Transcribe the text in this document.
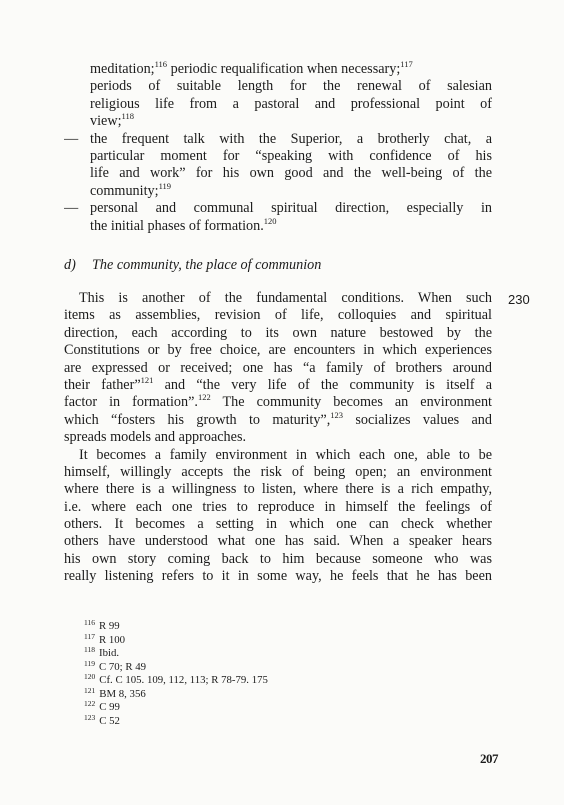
meditation;$^{116}$ periodic requalification when necessary;$^{117}$
periods of suitable length for the renewal of salesian
religious life from a pastoral and professional point of
view;$^{118}$
— the frequent talk with the Superior, a brotherly chat, a
particular moment for “speaking with confidence of his
life and work” for his own good and the well-being of the
community;$^{119}$
— personal and communal spiritual direction, especially in
the initial phases of formation.$^{120}$
d) The community, the place of communion
230
This is another of the fundamental conditions. When such
items as assemblies, revision of life, colloquies and spiritual
direction, each according to its own nature bestowed by the
Constitutions or by free choice, are encounters in which experiences
are expressed or received; one has “a family of brothers around
their father”$^{121}$ and “the very life of the community is itself a
factor in formation”.$^{122}$ The community becomes an environment
which “fosters his growth to maturity”,$^{123}$ socializes values and
spreads models and approaches.
It becomes a family environment in which each one, able to be
himself, willingly accepts the risk of being open; an environment
where there is a willingness to listen, where there is a rich empathy,
i.e. where each one tries to reproduce in himself the feelings of
others. It becomes a setting in which one can check whether
others have understood what one has said. When a speaker hears
his own story coming back to him because someone who was
really listening refers to it in some way, he feels that he has been
$^{116}$ R 99
$^{117}$ R 100
$^{118}$ Ibid.
$^{119}$ C 70; R 49
$^{120}$ Cf. C 105. 109, 112, 113; R 78-79. 175
$^{121}$ BM 8, 356
$^{122}$ C 99
$^{123}$ C 52
207
